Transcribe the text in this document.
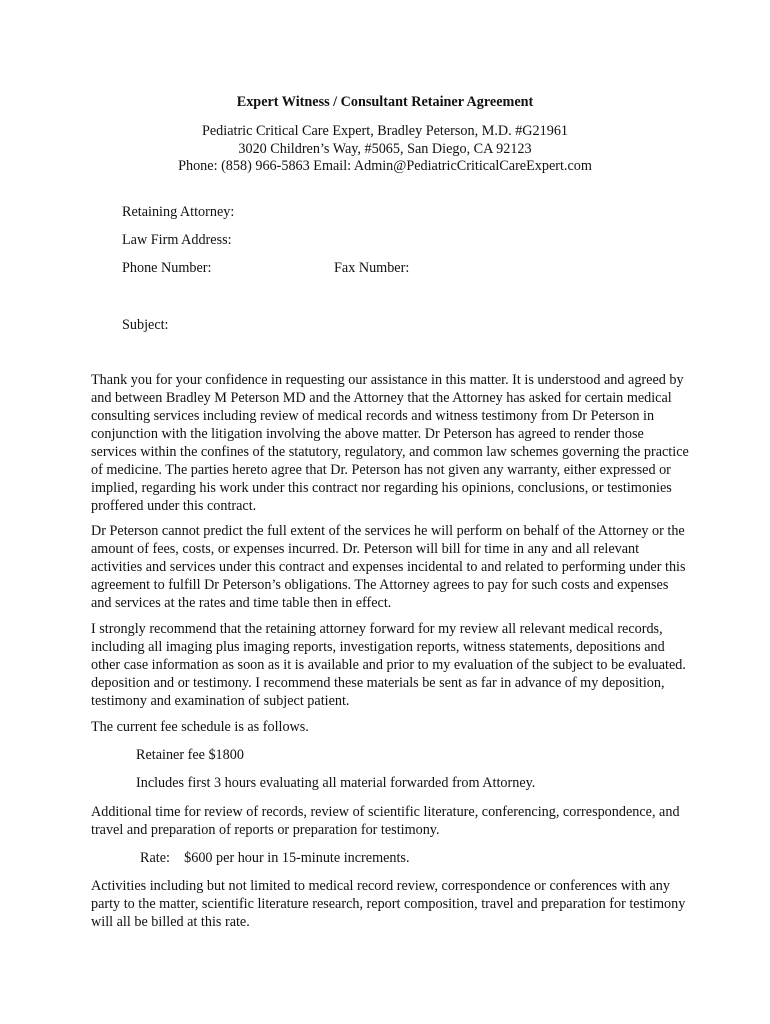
Expert Witness / Consultant Retainer Agreement
Pediatric Critical Care Expert, Bradley Peterson, M.D. #G21961
3020 Children’s Way, #5065, San Diego, CA 92123
Phone: (858) 966-5863 Email: Admin@PediatricCriticalCareExpert.com
Retaining Attorney:
Law Firm Address:
Phone Number:	Fax Number:
Subject:

Thank you for your confidence in requesting our assistance in this matter. It is understood and agreed by and between Bradley M Peterson MD and the Attorney that the Attorney has asked for certain medical consulting services including review of medical records and witness testimony from Dr Peterson in conjunction with the litigation involving the above matter. Dr Peterson has agreed to render those services within the confines of the statutory, regulatory, and common law schemes governing the practice of medicine. The parties hereto agree that Dr. Peterson has not given any warranty, either expressed or implied, regarding his work under this contract nor regarding his opinions, conclusions, or testimonies proffered under this contract.

Dr Peterson cannot predict the full extent of the services he will perform on behalf of the Attorney or the amount of fees, costs, or expenses incurred. Dr. Peterson will bill for time in any and all relevant activities and services under this contract and expenses incidental to and related to performing under this agreement to fulfill Dr Peterson’s obligations. The Attorney agrees to pay for such costs and expenses and services at the rates and time table then in effect.

I strongly recommend that the retaining attorney forward for my review all relevant medical records, including all imaging plus imaging reports, investigation reports, witness statements, depositions and other case information as soon as it is available and prior to my evaluation of the subject to be evaluated. deposition and or testimony. I recommend these materials be sent as far in advance of my deposition, testimony and examination of subject patient.

The current fee schedule is as follows.

Retainer fee $1800
Includes first 3 hours evaluating all material forwarded from Attorney.

Additional time for review of records, review of scientific literature, conferencing, correspondence, and travel and preparation of reports or preparation for testimony.

Rate:    $600 per hour in 15-minute increments.

Activities including but not limited to medical record review, correspondence or conferences with any party to the matter, scientific literature research, report composition, travel and preparation for testimony will all be billed at this rate.
